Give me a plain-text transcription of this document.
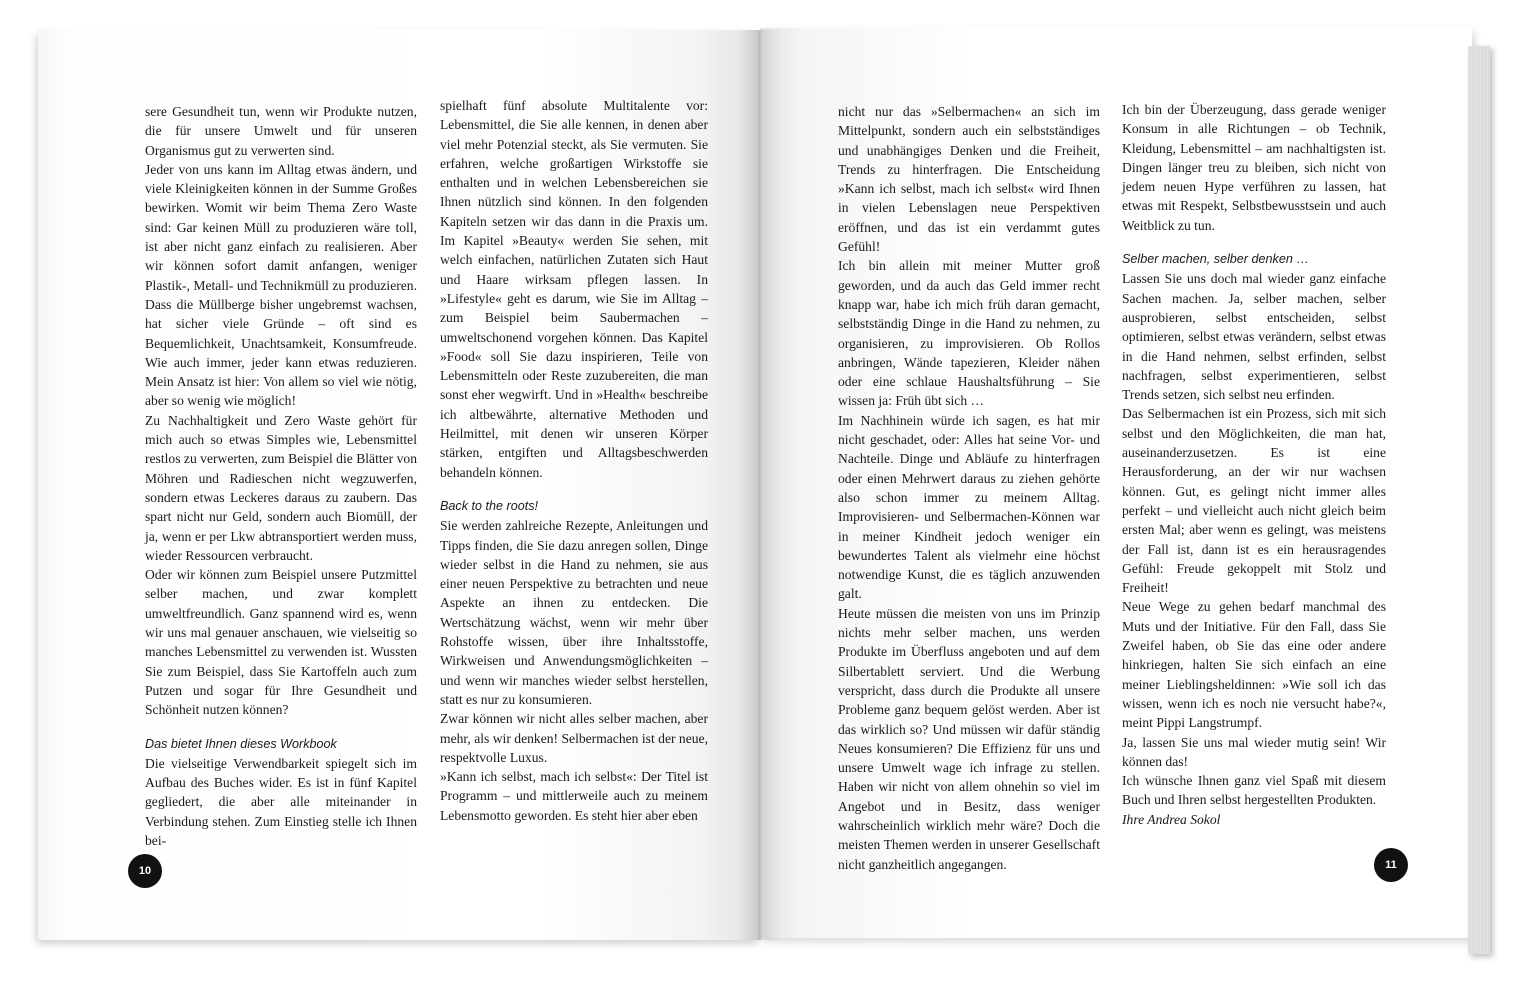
sere Gesundheit tun, wenn wir Produkte nutzen, die für unsere Umwelt und für unseren Organismus gut zu verwerten sind.

Jeder von uns kann im Alltag etwas ändern, und viele Kleinigkeiten können in der Summe Großes bewirken. Womit wir beim Thema Zero Waste sind: Gar keinen Müll zu produzieren wäre toll, ist aber nicht ganz einfach zu realisieren. Aber wir können sofort damit anfangen, weniger Plastik-, Metall- und Technikmüll zu produzieren. Dass die Müllberge bisher ungebremst wachsen, hat sicher viele Gründe – oft sind es Bequemlichkeit, Unachtsamkeit, Konsumfreude. Wie auch immer, jeder kann etwas reduzieren. Mein Ansatz ist hier: Von allem so viel wie nötig, aber so wenig wie möglich!

Zu Nachhaltigkeit und Zero Waste gehört für mich auch so etwas Simples wie, Lebensmittel restlos zu verwerten, zum Beispiel die Blätter von Möhren und Radieschen nicht wegzuwerfen, sondern etwas Leckeres daraus zu zaubern. Das spart nicht nur Geld, sondern auch Biomüll, der ja, wenn er per Lkw abtransportiert werden muss, wieder Ressourcen verbraucht.

Oder wir können zum Beispiel unsere Putzmittel selber machen, und zwar komplett umweltfreundlich. Ganz spannend wird es, wenn wir uns mal genauer anschauen, wie vielseitig so manches Lebensmittel zu verwenden ist. Wussten Sie zum Beispiel, dass Sie Kartoffeln auch zum Putzen und sogar für Ihre Gesundheit und Schönheit nutzen können?

Das bietet Ihnen dieses Workbook

Die vielseitige Verwendbarkeit spiegelt sich im Aufbau des Buches wider. Es ist in fünf Kapitel gegliedert, die aber alle miteinander in Verbindung stehen. Zum Einstieg stelle ich Ihnen bei-

spielhaft fünf absolute Multitalente vor: Lebensmittel, die Sie alle kennen, in denen aber viel mehr Potenzial steckt, als Sie vermuten. Sie erfahren, welche großartigen Wirkstoffe sie enthalten und in welchen Lebensbereichen sie Ihnen nützlich sind können. In den folgenden Kapiteln setzen wir das dann in die Praxis um. Im Kapitel »Beauty« werden Sie sehen, mit welch einfachen, natürlichen Zutaten sich Haut und Haare wirksam pflegen lassen. In »Lifestyle« geht es darum, wie Sie im Alltag – zum Beispiel beim Saubermachen – umweltschonend vorgehen können. Das Kapitel »Food« soll Sie dazu inspirieren, Teile von Lebensmitteln oder Reste zuzubereiten, die man sonst eher wegwirft. Und in »Health« beschreibe ich altbewährte, alternative Methoden und Heilmittel, mit denen wir unseren Körper stärken, entgiften und Alltagsbeschwerden behandeln können.

Back to the roots!

Sie werden zahlreiche Rezepte, Anleitungen und Tipps finden, die Sie dazu anregen sollen, Dinge wieder selbst in die Hand zu nehmen, sie aus einer neuen Perspektive zu betrachten und neue Aspekte an ihnen zu entdecken. Die Wertschätzung wächst, wenn wir mehr über Rohstoffe wissen, über ihre Inhaltsstoffe, Wirkweisen und Anwendungsmöglichkeiten – und wenn wir manches wieder selbst herstellen, statt es nur zu konsumieren.

Zwar können wir nicht alles selber machen, aber mehr, als wir denken! Selbermachen ist der neue, respektvolle Luxus.

»Kann ich selbst, mach ich selbst«: Der Titel ist Programm – und mittlerweile auch zu meinem Lebensmotto geworden. Es steht hier aber eben

nicht nur das »Selbermachen« an sich im Mittelpunkt, sondern auch ein selbstständiges und unabhängiges Denken und die Freiheit, Trends zu hinterfragen. Die Entscheidung »Kann ich selbst, mach ich selbst« wird Ihnen in vielen Lebenslagen neue Perspektiven eröffnen, und das ist ein verdammt gutes Gefühl!

Ich bin allein mit meiner Mutter groß geworden, und da auch das Geld immer recht knapp war, habe ich mich früh daran gemacht, selbstständig Dinge in die Hand zu nehmen, zu organisieren, zu improvisieren. Ob Rollos anbringen, Wände tapezieren, Kleider nähen oder eine schlaue Haushaltsführung – Sie wissen ja: Früh übt sich …

Im Nachhinein würde ich sagen, es hat mir nicht geschadet, oder: Alles hat seine Vor- und Nachteile. Dinge und Abläufe zu hinterfragen oder einen Mehrwert daraus zu ziehen gehörte also schon immer zu meinem Alltag. Improvisieren- und Selbermachen-Können war in meiner Kindheit jedoch weniger ein bewundertes Talent als vielmehr eine höchst notwendige Kunst, die es täglich anzuwenden galt.

Heute müssen die meisten von uns im Prinzip nichts mehr selber machen, uns werden Produkte im Überfluss angeboten und auf dem Silbertablett serviert. Und die Werbung verspricht, dass durch die Produkte all unsere Probleme ganz bequem gelöst werden. Aber ist das wirklich so? Und müssen wir dafür ständig Neues konsumieren? Die Effizienz für uns und unsere Umwelt wage ich infrage zu stellen. Haben wir nicht von allem ohnehin so viel im Angebot und in Besitz, dass weniger wahrscheinlich wirklich mehr wäre? Doch die meisten Themen werden in unserer Gesellschaft nicht ganzheitlich angegangen.

Ich bin der Überzeugung, dass gerade weniger Konsum in alle Richtungen – ob Technik, Kleidung, Lebensmittel – am nachhaltigsten ist. Dingen länger treu zu bleiben, sich nicht von jedem neuen Hype verführen zu lassen, hat etwas mit Respekt, Selbstbewusstsein und auch Weitblick zu tun.

Selber machen, selber denken …

Lassen Sie uns doch mal wieder ganz einfache Sachen machen. Ja, selber machen, selber ausprobieren, selbst entscheiden, selbst optimieren, selbst etwas verändern, selbst etwas in die Hand nehmen, selbst erfinden, selbst nachfragen, selbst experimentieren, selbst Trends setzen, sich selbst neu erfinden.

Das Selbermachen ist ein Prozess, sich mit sich selbst und den Möglichkeiten, die man hat, auseinanderzusetzen. Es ist eine Herausforderung, an der wir nur wachsen können. Gut, es gelingt nicht immer alles perfekt – und vielleicht auch nicht gleich beim ersten Mal; aber wenn es gelingt, was meistens der Fall ist, dann ist es ein herausragendes Gefühl: Freude gekoppelt mit Stolz und Freiheit!

Neue Wege zu gehen bedarf manchmal des Muts und der Initiative. Für den Fall, dass Sie Zweifel haben, ob Sie das eine oder andere hinkriegen, halten Sie sich einfach an eine meiner Lieblingsheldinnen: »Wie soll ich das wissen, wenn ich es noch nie versucht habe?«, meint Pippi Langstrumpf.

Ja, lassen Sie uns mal wieder mutig sein! Wir können das!

Ich wünsche Ihnen ganz viel Spaß mit diesem Buch und Ihren selbst hergestellten Produkten.

Ihre Andrea Sokol

10	11
